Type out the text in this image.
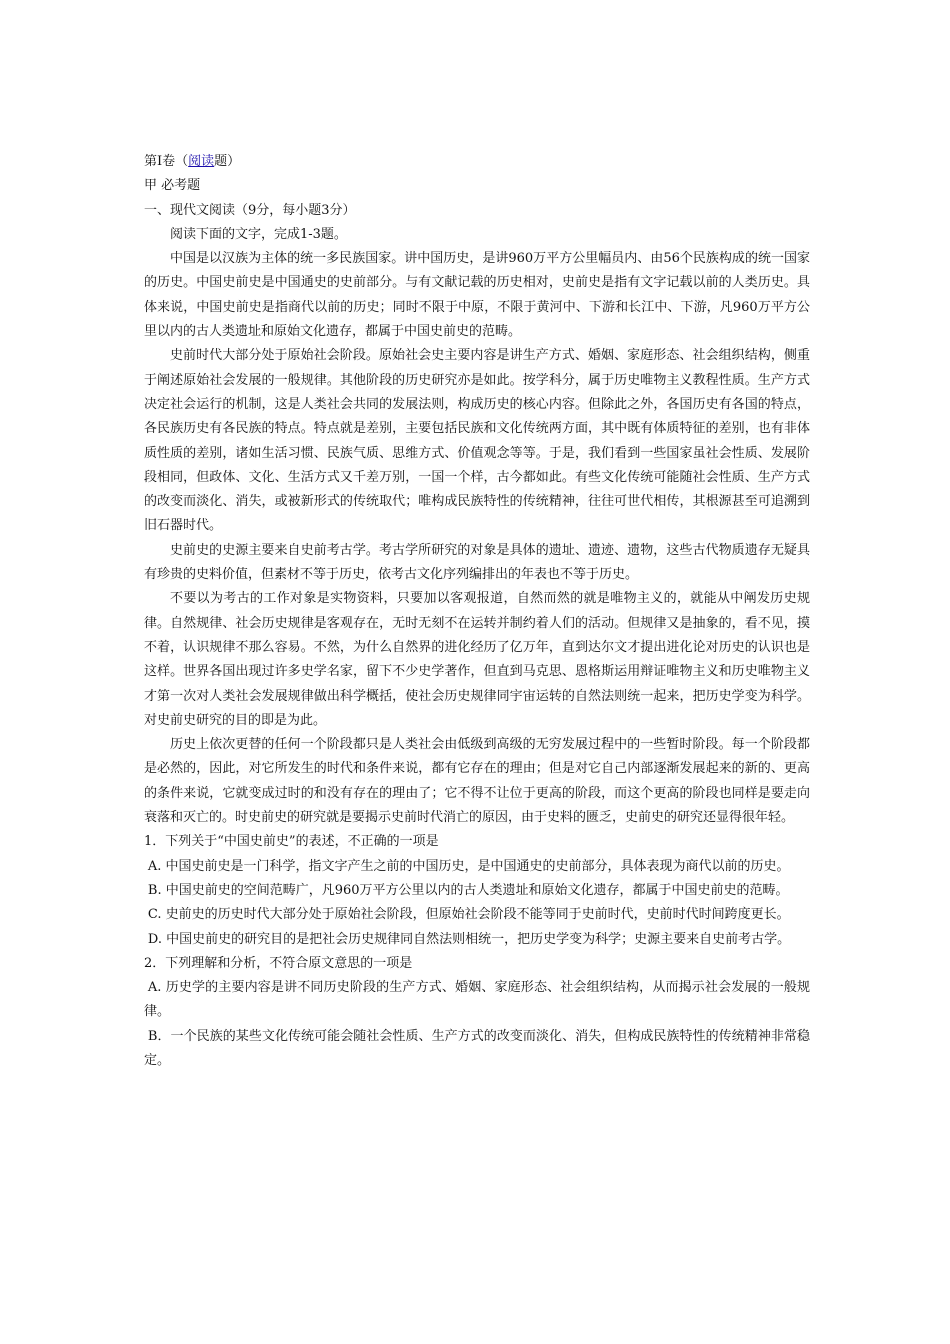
第Ⅰ卷（阅读题）

甲 必考题

一、现代文阅读（9分，每小题3分）

阅读下面的文字，完成1-3题。

中国是以汉族为主体的统一多民族国家。讲中国历史，是讲960万平方公里幅员内、由56个民族构成的统一国家的历史。中国史前史是中国通史的史前部分。与有文献记载的历史相对，史前史是指有文字记载以前的人类历史。具体来说，中国史前史是指商代以前的历史；同时不限于中原，不限于黄河中、下游和长江中、下游，凡960万平方公里以内的古人类遗址和原始文化遗存，都属于中国史前史的范畴。

史前时代大部分处于原始社会阶段。原始社会史主要内容是讲生产方式、婚姻、家庭形态、社会组织结构，侧重于阐述原始社会发展的一般规律。其他阶段的历史研究亦是如此。按学科分，属于历史唯物主义教程性质。生产方式决定社会运行的机制，这是人类社会共同的发展法则，构成历史的核心内容。但除此之外，各国历史有各国的特点，各民族历史有各民族的特点。特点就是差别，主要包括民族和文化传统两方面，其中既有体质特征的差别，也有非体质性质的差别，诸如生活习惯、民族气质、思维方式、价值观念等等。于是，我们看到一些国家虽社会性质、发展阶段相同，但政体、文化、生活方式又千差万别，一国一个样，古今都如此。有些文化传统可能随社会性质、生产方式的改变而淡化、消失，或被新形式的传统取代；唯构成民族特性的传统精神，往往可世代相传，其根源甚至可追溯到旧石器时代。

史前史的史源主要来自史前考古学。考古学所研究的对象是具体的遗址、遗迹、遗物，这些古代物质遗存无疑具有珍贵的史料价值，但素材不等于历史，依考古文化序列编排出的年表也不等于历史。

不要以为考古的工作对象是实物资料，只要加以客观报道，自然而然的就是唯物主义的，就能从中阐发历史规律。自然规律、社会历史规律是客观存在，无时无刻不在运转并制约着人们的活动。但规律又是抽象的，看不见，摸不着，认识规律不那么容易。不然，为什么自然界的进化经历了亿万年，直到达尔文才提出进化论对历史的认识也是这样。世界各国出现过许多史学名家，留下不少史学著作，但直到马克思、恩格斯运用辩证唯物主义和历史唯物主义才第一次对人类社会发展规律做出科学概括，使社会历史规律同宇宙运转的自然法则统一起来，把历史学变为科学。对史前史研究的目的即是为此。

历史上依次更替的任何一个阶段都只是人类社会由低级到高级的无穷发展过程中的一些暂时阶段。每一个阶段都是必然的，因此，对它所发生的时代和条件来说，都有它存在的理由；但是对它自己内部逐渐发展起来的新的、更高的条件来说，它就变成过时的和没有存在的理由了；它不得不让位于更高的阶段，而这个更高的阶段也同样是要走向衰落和灭亡的。时史前史的研究就是要揭示史前时代消亡的原因，由于史料的匮乏，史前史的研究还显得很年轻。

1．下列关于“中国史前史”的表述，不正确的一项是

A. 中国史前史是一门科学，指文字产生之前的中国历史，是中国通史的史前部分，具体表现为商代以前的历史。

B. 中国史前史的空间范畴广，凡960万平方公里以内的古人类遗址和原始文化遗存，都属于中国史前史的范畴。

C. 史前史的历史时代大部分处于原始社会阶段，但原始社会阶段不能等同于史前时代，史前时代时间跨度更长。

D. 中国史前史的研究目的是把社会历史规律同自然法则相统一，把历史学变为科学；史源主要来自史前考古学。

2．下列理解和分析，不符合原文意思的一项是

A. 历史学的主要内容是讲不同历史阶段的生产方式、婚姻、家庭形态、社会组织结构，从而揭示社会发展的一般规律。

B．一个民族的某些文化传统可能会随社会性质、生产方式的改变而淡化、消失，但构成民族特性的传统精神非常稳定。
